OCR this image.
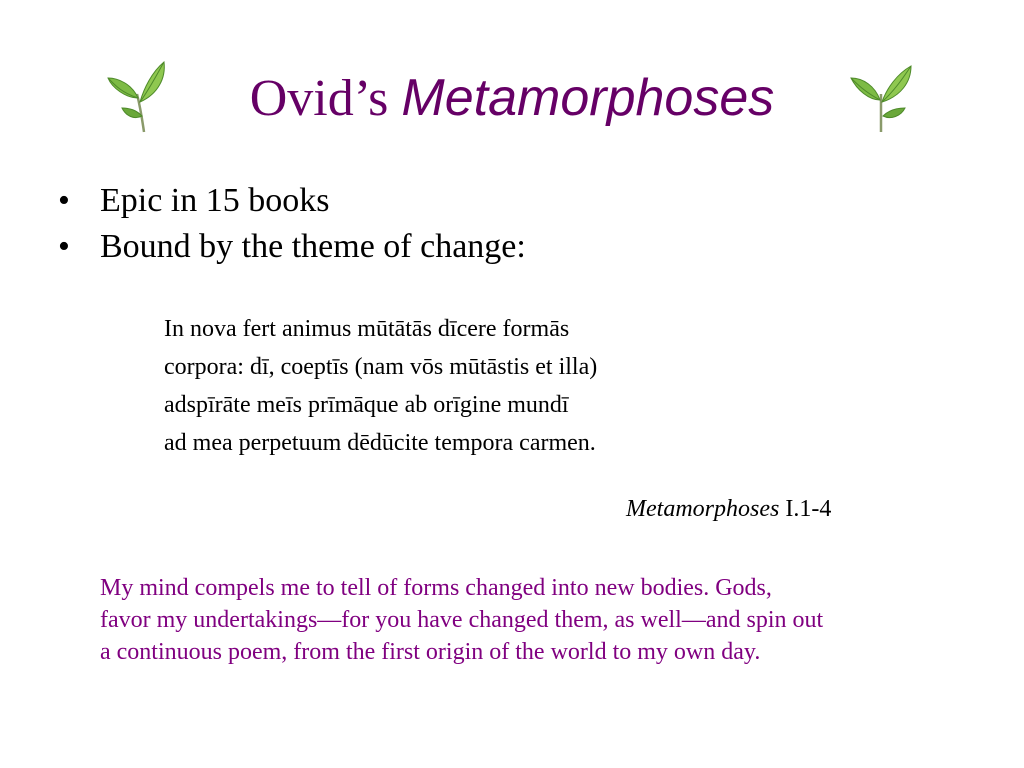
Ovid’s Metamorphoses
• Epic in 15 books
• Bound by the theme of change:
In nova fert animus mūtātās dīcere formās
corpora: dī, coeptīs (nam vōs mūtāstis et illa)
adspīrāte meīs prīmāque ab orīgine mundī
ad mea perpetuum dēdūcite tempora carmen.
Metamorphoses I.1-4
My mind compels me to tell of forms changed into new bodies. Gods,
favor my undertakings—for you have changed them, as well—and spin out
a continuous poem, from the first origin of the world to my own day.
